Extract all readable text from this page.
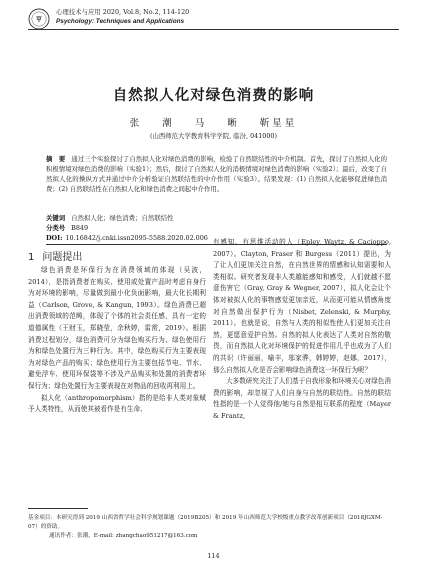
Ψ
心理技术与应用 2020, Vol.8, No.2, 114-120
Psychology: Techniques and Applications
自然拟人化对绿色消费的影响
张 潮 马 晰 靳星星
(山西师范大学教育科学学院, 临汾, 041000)
摘　要 通过三个实验探讨了自然拟人化对绿色消费的影响，检验了自然联结性的中介机制。首先，探讨了自然拟人化的积极情境对绿色消费的影响（实验1）；然后，探讨了自然拟人化的消极情境对绿色消费的影响（实验2）；最后，改变了自然拟人化的操纵方式并通过中介分析验证自然联结性的中介作用（实验3）。结果发现：(1) 自然拟人化能够促进绿色消费；(2) 自然联结性在自然拟人化和绿色消费之间起中介作用。
关键词 自然拟人化；绿色消费；自然联结性
分类号 B849
DOI: 10.16842/j.cnki.issn2095-5588.2020.02.006

1 问题提出

绿色消费是环保行为在消费领域的体现（吴波，2014），是指消费者在购买、使用或处置产品时考虑自身行为对环境的影响，尽量做到最小化负面影响，最大化长期利益（Carlson, Grove, & Kangun, 1993）。绿色消费已超出消费领域的范畴，体现了个体的社会责任感，具有一定的道德属性（王财玉，郑晓莹，余秋婷，雷雳，2019）。根据消费过程划分，绿色消费可分为绿色购买行为、绿色使用行为和绿色处置行为三种行为。其中，绿色购买行为主要表现为对绿色产品的购买；绿色使用行为主要包括节电、节水、避免浮车、使用环保袋等不涉及产品购买和处置的消费者环保行为；绿色处置行为主要表现在对物品的回收再利用上。

拟人化（anthropomorphism）指的是给非人类对象赋予人类特性，从而使其被看作是有生命、

有感知、有思维活动的人（Epley, Waytz, & Cacioppo, 2007）。Clayton, Fraser 和 Burgess（2011）提出，为了让人们更加关注自然，在自然世界的情感和认知需要和人类相似。研究者发现非人类越能感知和感受，人们就越不愿意伤害它（Gray, Gray & Wegner, 2007），拟人化会让个体对被拟人化的事物感觉更加亲近，从而更可能从情感角度对自然做出保护行为（Nisbet, Zelenski, & Murphy, 2011）。也就是说，自然与人类的相似性使人们更加关注自然，更愿意爱护自然。自然的拟人化表达了人类对自然的敬畏，而自然拟人化对环境保护的促进作用几乎也成为了人们的共识（许丽丽，喻丰，邬家骅，韩婷婷，赵娜，2017），那么自然拟人化是否会影响绿色消费这一环保行为呢？

大多数研究关注了人们基于自我形象和环境关心对绿色消费的影响，却忽视了人们自身与自然的联结性。自然的联结性指的是一个人觉得他/她与自然是相互联系的程度（Mayer & Frantz,

基金项目：本研究得到 2019 山西省哲学社会科学规划课题（2019B205）和 2019 年山西师范大学校级重点教学改革创新项目（2018JGXM-07）的资助。

通讯作者：张潮，E-mail: zhangchao951217@163.com

114
